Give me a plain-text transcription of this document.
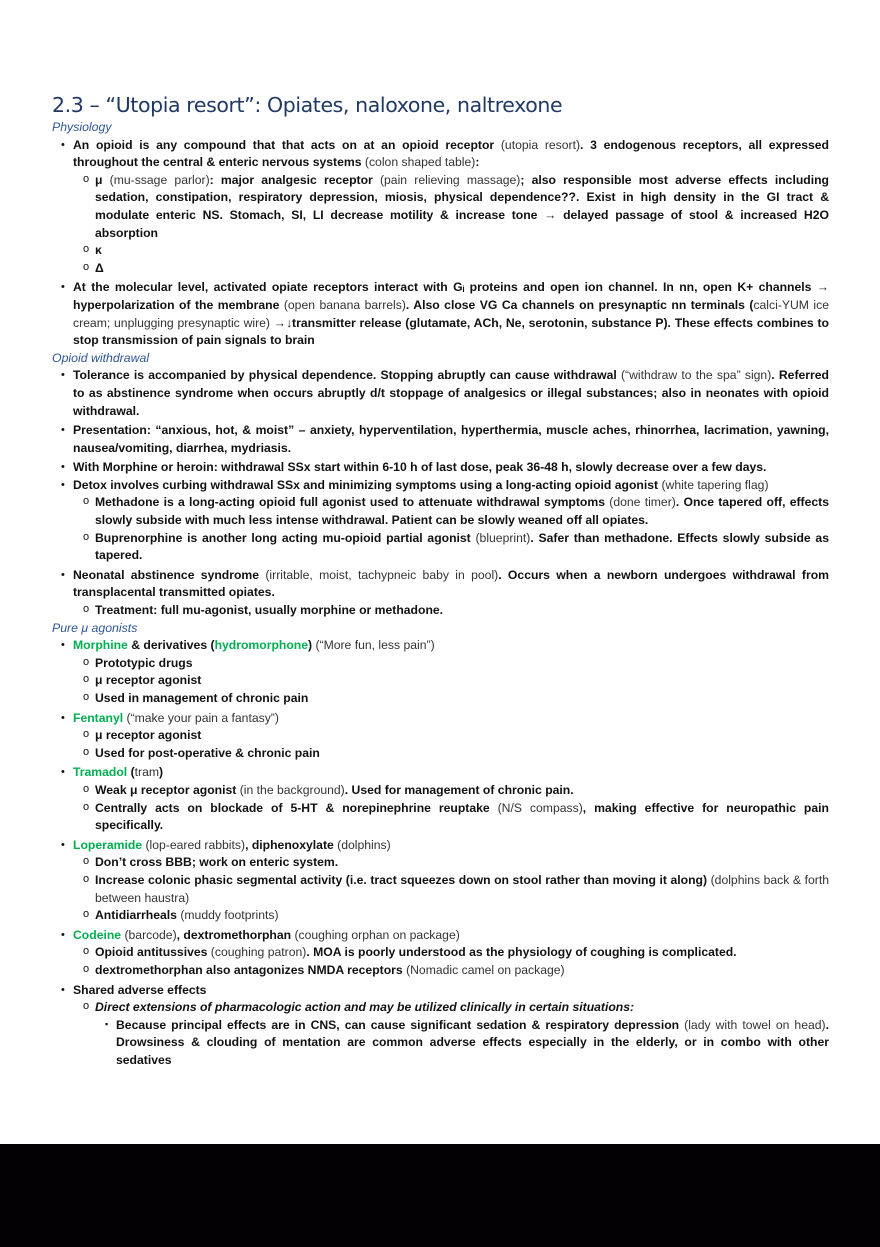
2.3 – “Utopia resort”: Opiates, naloxone, naltrexone
Physiology
• An opioid is any compound that that acts on at an opioid receptor (utopia resort). 3 endogenous receptors, all expressed throughout the central & enteric nervous systems (colon shaped table):
o μ (mu-ssage parlor): major analgesic receptor (pain relieving massage); also responsible most adverse effects including sedation, constipation, respiratory depression, miosis, physical dependence??. Exist in high density in the GI tract & modulate enteric NS. Stomach, SI, LI decrease motility & increase tone → delayed passage of stool & increased H2O absorption
o κ
o Δ
• At the molecular level, activated opiate receptors interact with Gᵢ proteins and open ion channel. In nn, open K+ channels → hyperpolarization of the membrane (open banana barrels). Also close VG Ca channels on presynaptic nn terminals (calci-YUM ice cream; unplugging presynaptic wire) →↓transmitter release (glutamate, ACh, Ne, serotonin, substance P). These effects combines to stop transmission of pain signals to brain
Opioid withdrawal
• Tolerance is accompanied by physical dependence. Stopping abruptly can cause withdrawal (“withdraw to the spa” sign). Referred to as abstinence syndrome when occurs abruptly d/t stoppage of analgesics or illegal substances; also in neonates with opioid withdrawal.
• Presentation: “anxious, hot, & moist” – anxiety, hyperventilation, hyperthermia, muscle aches, rhinorrhea, lacrimation, yawning, nausea/vomiting, diarrhea, mydriasis.
• With Morphine or heroin: withdrawal SSx start within 6-10 h of last dose, peak 36-48 h, slowly decrease over a few days.
• Detox involves curbing withdrawal SSx and minimizing symptoms using a long-acting opioid agonist (white tapering flag)
o Methadone is a long-acting opioid full agonist used to attenuate withdrawal symptoms (done timer). Once tapered off, effects slowly subside with much less intense withdrawal. Patient can be slowly weaned off all opiates.
o Buprenorphine is another long acting mu-opioid partial agonist (blueprint). Safer than methadone. Effects slowly subside as tapered.
• Neonatal abstinence syndrome (irritable, moist, tachypneic baby in pool). Occurs when a newborn undergoes withdrawal from transplacental transmitted opiates.
o Treatment: full mu-agonist, usually morphine or methadone.
Pure μ agonists
• Morphine & derivatives (hydromorphone) (“More fun, less pain”)
o Prototypic drugs
o μ receptor agonist
o Used in management of chronic pain
• Fentanyl (“make your pain a fantasy”)
o μ receptor agonist
o Used for post-operative & chronic pain
• Tramadol (tram)
o Weak μ receptor agonist (in the background). Used for management of chronic pain.
o Centrally acts on blockade of 5-HT & norepinephrine reuptake (N/S compass), making effective for neuropathic pain specifically.
• Loperamide (lop-eared rabbits), diphenoxylate (dolphins)
o Don’t cross BBB; work on enteric system.
o Increase colonic phasic segmental activity (i.e. tract squeezes down on stool rather than moving it along) (dolphins back & forth between haustra)
o Antidiarrheals (muddy footprints)
• Codeine (barcode), dextromethorphan (coughing orphan on package)
o Opioid antitussives (coughing patron). MOA is poorly understood as the physiology of coughing is complicated.
o dextromethorphan also antagonizes NMDA receptors (Nomadic camel on package)
• Shared adverse effects
o Direct extensions of pharmacologic action and may be utilized clinically in certain situations:
▪ Because principal effects are in CNS, can cause significant sedation & respiratory depression (lady with towel on head). Drowsiness & clouding of mentation are common adverse effects especially in the elderly, or in combo with other sedatives
